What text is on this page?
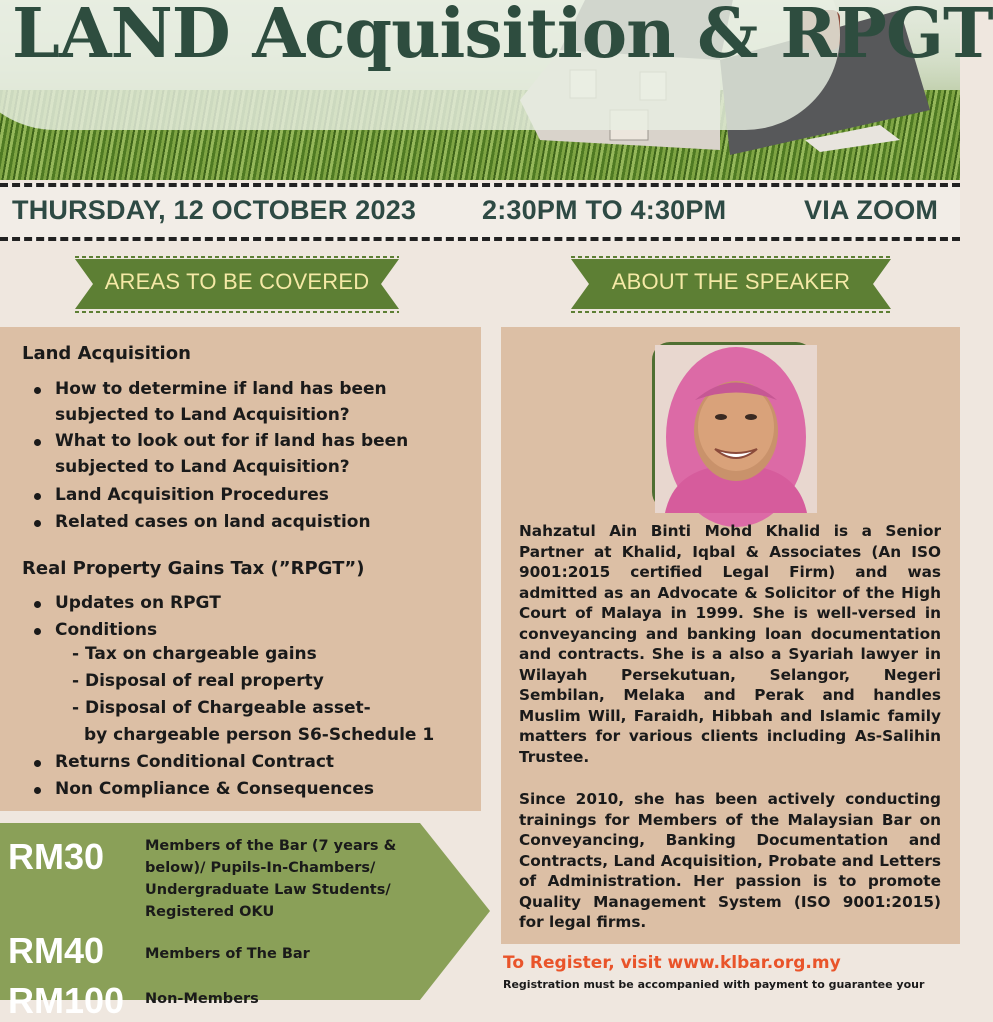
LAND Acquisition & RPGT
THURSDAY, 12 OCTOBER 2023 2:30PM TO 4:30PM	VIA ZOOM
AREAS TO BE COVERED	ABOUT THE SPEAKER
Land Acquisition
How to determine if land has been subjected to Land Acquisition?
What to look out for if land has been subjected to Land Acquisition?
Land Acquisition Procedures
Related cases on land acquistion
Real Property Gains Tax (”RPGT”)
Updates on RPGT
Conditions
- Tax on chargeable gains
- Disposal of real property
- Disposal of Chargeable asset-
by chargeable person S6-Schedule 1
Returns Conditional Contract
Non Compliance & Consequences
RM30	Members of the Bar (7 years & below)/ Pupils-In-Chambers/ Undergraduate Law Students/ Registered OKU
RM40	Members of The Bar
RM100 Non-Members
Nahzatul Ain Binti Mohd Khalid is a Senior Partner at Khalid, Iqbal & Associates (An ISO 9001:2015 certified Legal Firm) and was admitted as an Advocate & Solicitor of the High Court of Malaya in 1999. She is well-versed in conveyancing and banking loan documentation and contracts. She is a also a Syariah lawyer in Wilayah Persekutuan, Selangor, Negeri Sembilan, Melaka and Perak and handles Muslim Will, Faraidh, Hibbah and Islamic family matters for various clients including As-Salihin Trustee.
Since 2010, she has been actively conducting trainings for Members of the Malaysian Bar on Conveyancing, Banking Documentation and Contracts, Land Acquisition, Probate and Letters of Administration. Her passion is to promote Quality Management System (ISO 9001:2015) for legal firms.
To Register, visit www.klbar.org.my
Registration must be accompanied with payment to guarantee your
